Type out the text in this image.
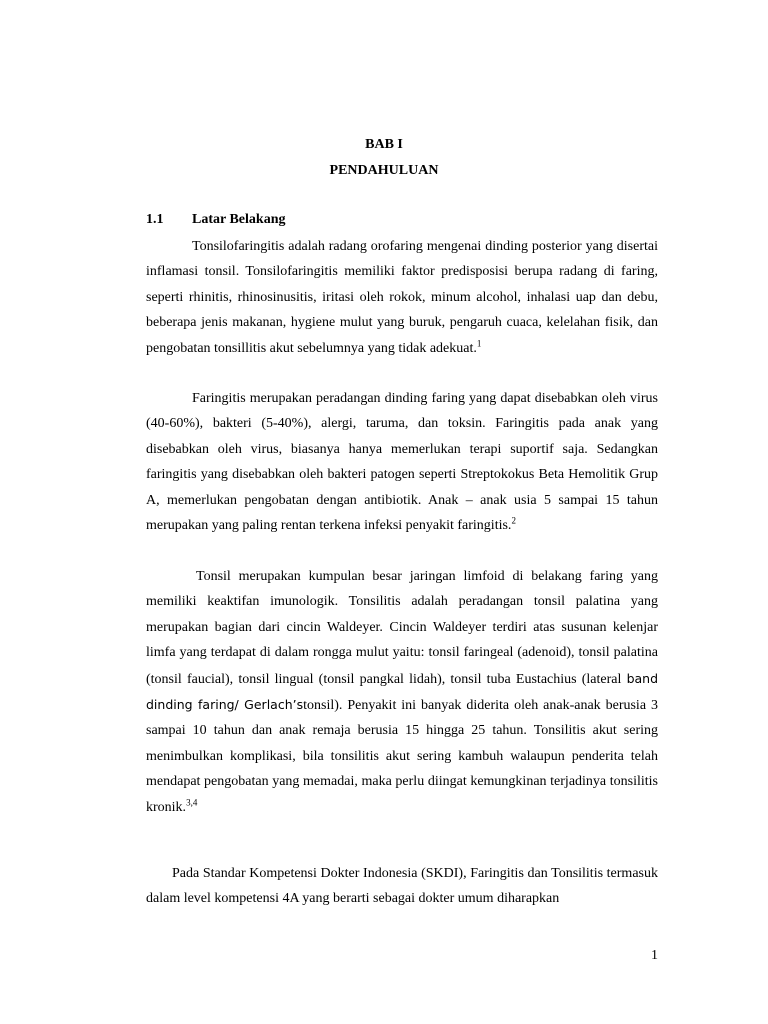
BAB I
PENDAHULUAN
1.1 Latar Belakang

Tonsilofaringitis adalah radang orofaring mengenai dinding posterior yang disertai inflamasi tonsil. Tonsilofaringitis memiliki faktor predisposisi berupa radang di faring, seperti rhinitis, rhinosinusitis, iritasi oleh rokok, minum alcohol, inhalasi uap dan debu, beberapa jenis makanan, hygiene mulut yang buruk, pengaruh cuaca, kelelahan fisik, dan pengobatan tonsillitis akut sebelumnya yang tidak adekuat.$^1$

Faringitis merupakan peradangan dinding faring yang dapat disebabkan oleh virus (40-60%), bakteri (5-40%), alergi, taruma, dan toksin. Faringitis pada anak yang disebabkan oleh virus, biasanya hanya memerlukan terapi suportif saja. Sedangkan faringitis yang disebabkan oleh bakteri patogen seperti Streptokokus Beta Hemolitik Grup A, memerlukan pengobatan dengan antibiotik. Anak – anak usia 5 sampai 15 tahun merupakan yang paling rentan terkena infeksi penyakit faringitis.$^2$

Tonsil merupakan kumpulan besar jaringan limfoid di belakang faring yang memiliki keaktifan imunologik. Tonsilitis adalah peradangan tonsil palatina yang merupakan bagian dari cincin Waldeyer. Cincin Waldeyer terdiri atas susunan kelenjar limfa yang terdapat di dalam rongga mulut yaitu: tonsil faringeal (adenoid), tonsil palatina (tonsil faucial), tonsil lingual (tonsil pangkal lidah), tonsil tuba Eustachius (lateral band dinding faring/ Gerlach’stonsil). Penyakit ini banyak diderita oleh anak-anak berusia 3 sampai 10 tahun dan anak remaja berusia 15 hingga 25 tahun. Tonsilitis akut sering menimbulkan komplikasi, bila tonsilitis akut sering kambuh walaupun penderita telah mendapat pengobatan yang memadai, maka perlu diingat kemungkinan terjadinya tonsilitis kronik.$^{3,4}$

Pada Standar Kompetensi Dokter Indonesia (SKDI), Faringitis dan Tonsilitis termasuk dalam level kompetensi 4A yang berarti sebagai dokter umum diharapkan

1
